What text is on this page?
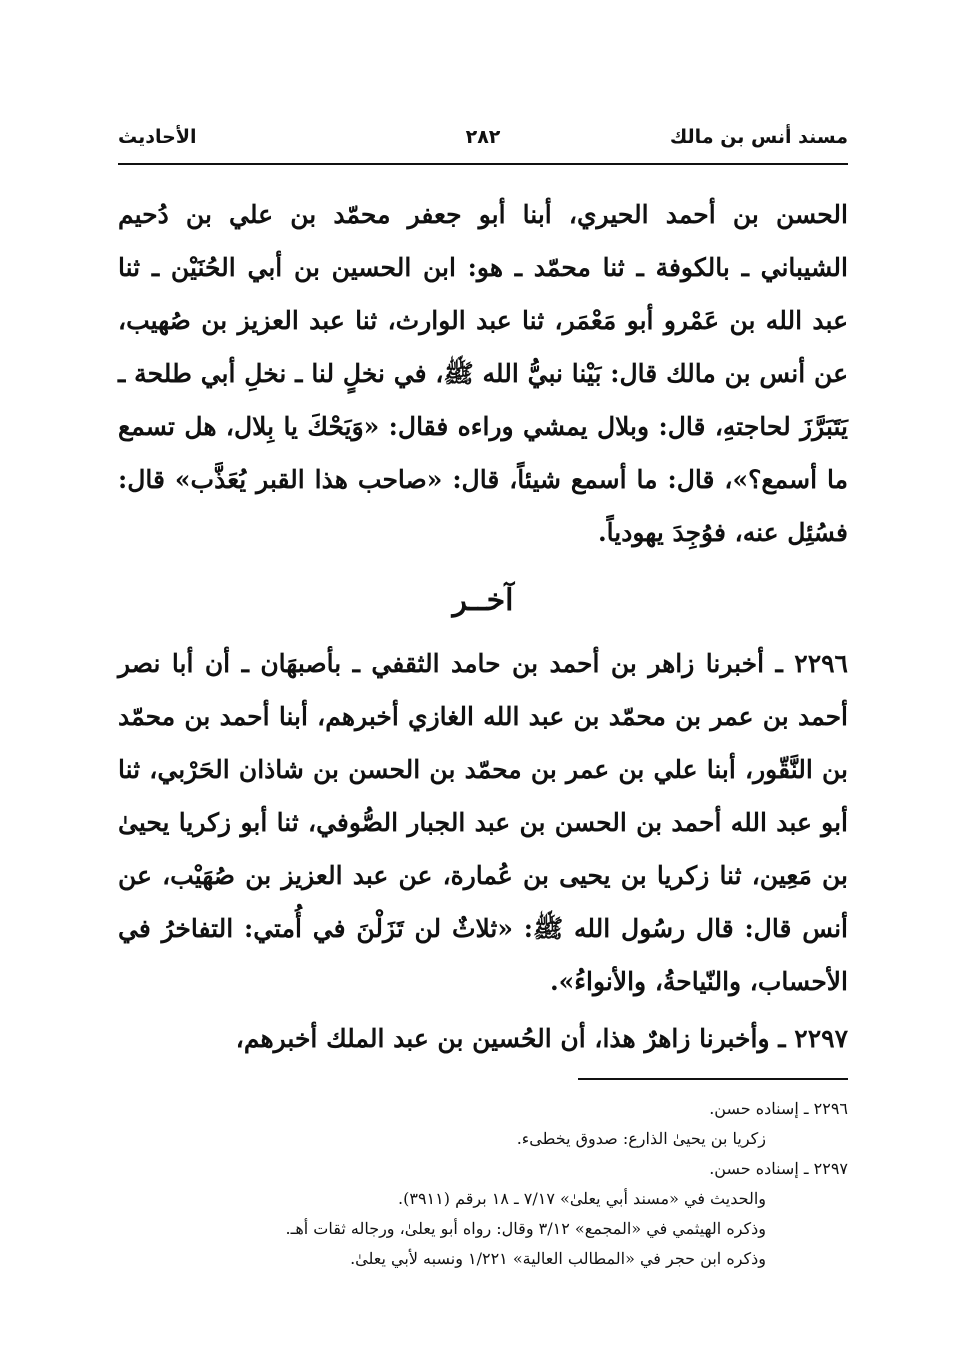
مسند أنس بن مالك
٢٨٢
الأحاديث

الحسن بن أحمد الحيري، أبنا أبو جعفر محمّد بن علي بن دُحيم الشيباني ـ بالكوفة ـ ثنا محمّد ـ هو: ابن الحسين بن أبي الحُنَيْن ـ ثنا عبد الله بن عَمْرو أبو مَعْمَر، ثنا عبد الوارث، ثنا عبد العزيز بن صُهيب، عن أنس بن مالك قال: بَيْنا نبيُّ الله ﷺ، في نخلٍ لنا ـ نخلِ أبي طلحة ـ يَتَبَرَّزَ لحاجتهِ، قال: وبلال يمشي وراءه فقال: «وَيَحْكَ يا بِلال، هل تسمع ما أسمع؟»، قال: ما أسمع شيئاً، قال: «صاحب هذا القبر يُعَذَّب» قال: فسُئِل عنه، فوُجِدَ يهودياً.

آخــر

٢٢٩٦ ـ أخبرنا زاهر بن أحمد بن حامد الثقفي ـ بأصبهَان ـ أن أبا نصر أحمد بن عمر بن محمّد بن عبد الله الغازي أخبرهم، أبنا أحمد بن محمّد بن النَّقّور، أبنا علي بن عمر بن محمّد بن الحسن بن شاذان الحَرْبي، ثنا أبو عبد الله أحمد بن الحسن بن عبد الجبار الصُّوفي، ثنا أبو زكريا يحيىٰ بن مَعِين، ثنا زكريا بن يحيى بن عُمارة، عن عبد العزيز بن صُهَيْب، عن أنس قال: قال رسُول الله ﷺ: «ثلاثٌ لن تَزَلْنَ في أُمتي: التفاخرُ في الأحساب، والنّياحةُ، والأنواءُ».

٢٢٩٧ ـ وأخبرنا زاهرٌ هذا، أن الحُسين بن عبد الملك أخبرهم،

٢٢٩٦ ـ إسناده حسن.

زكريا بن يحيىٰ الذارع: صدوق يخطىء.

٢٢٩٧ ـ إسناده حسن.

والحديث في «مسند أبي يعلىٰ» ٧/١٧ ـ ١٨ برقم (٣٩١١).

وذكره الهيثمي في «المجمع» ٣/١٢ وقال: رواه أبو يعلىٰ، ورجاله ثقات أهـ.

وذكره ابن حجر في «المطالب العالية» ١/٢٢١ ونسبه لأبي يعلىٰ.
